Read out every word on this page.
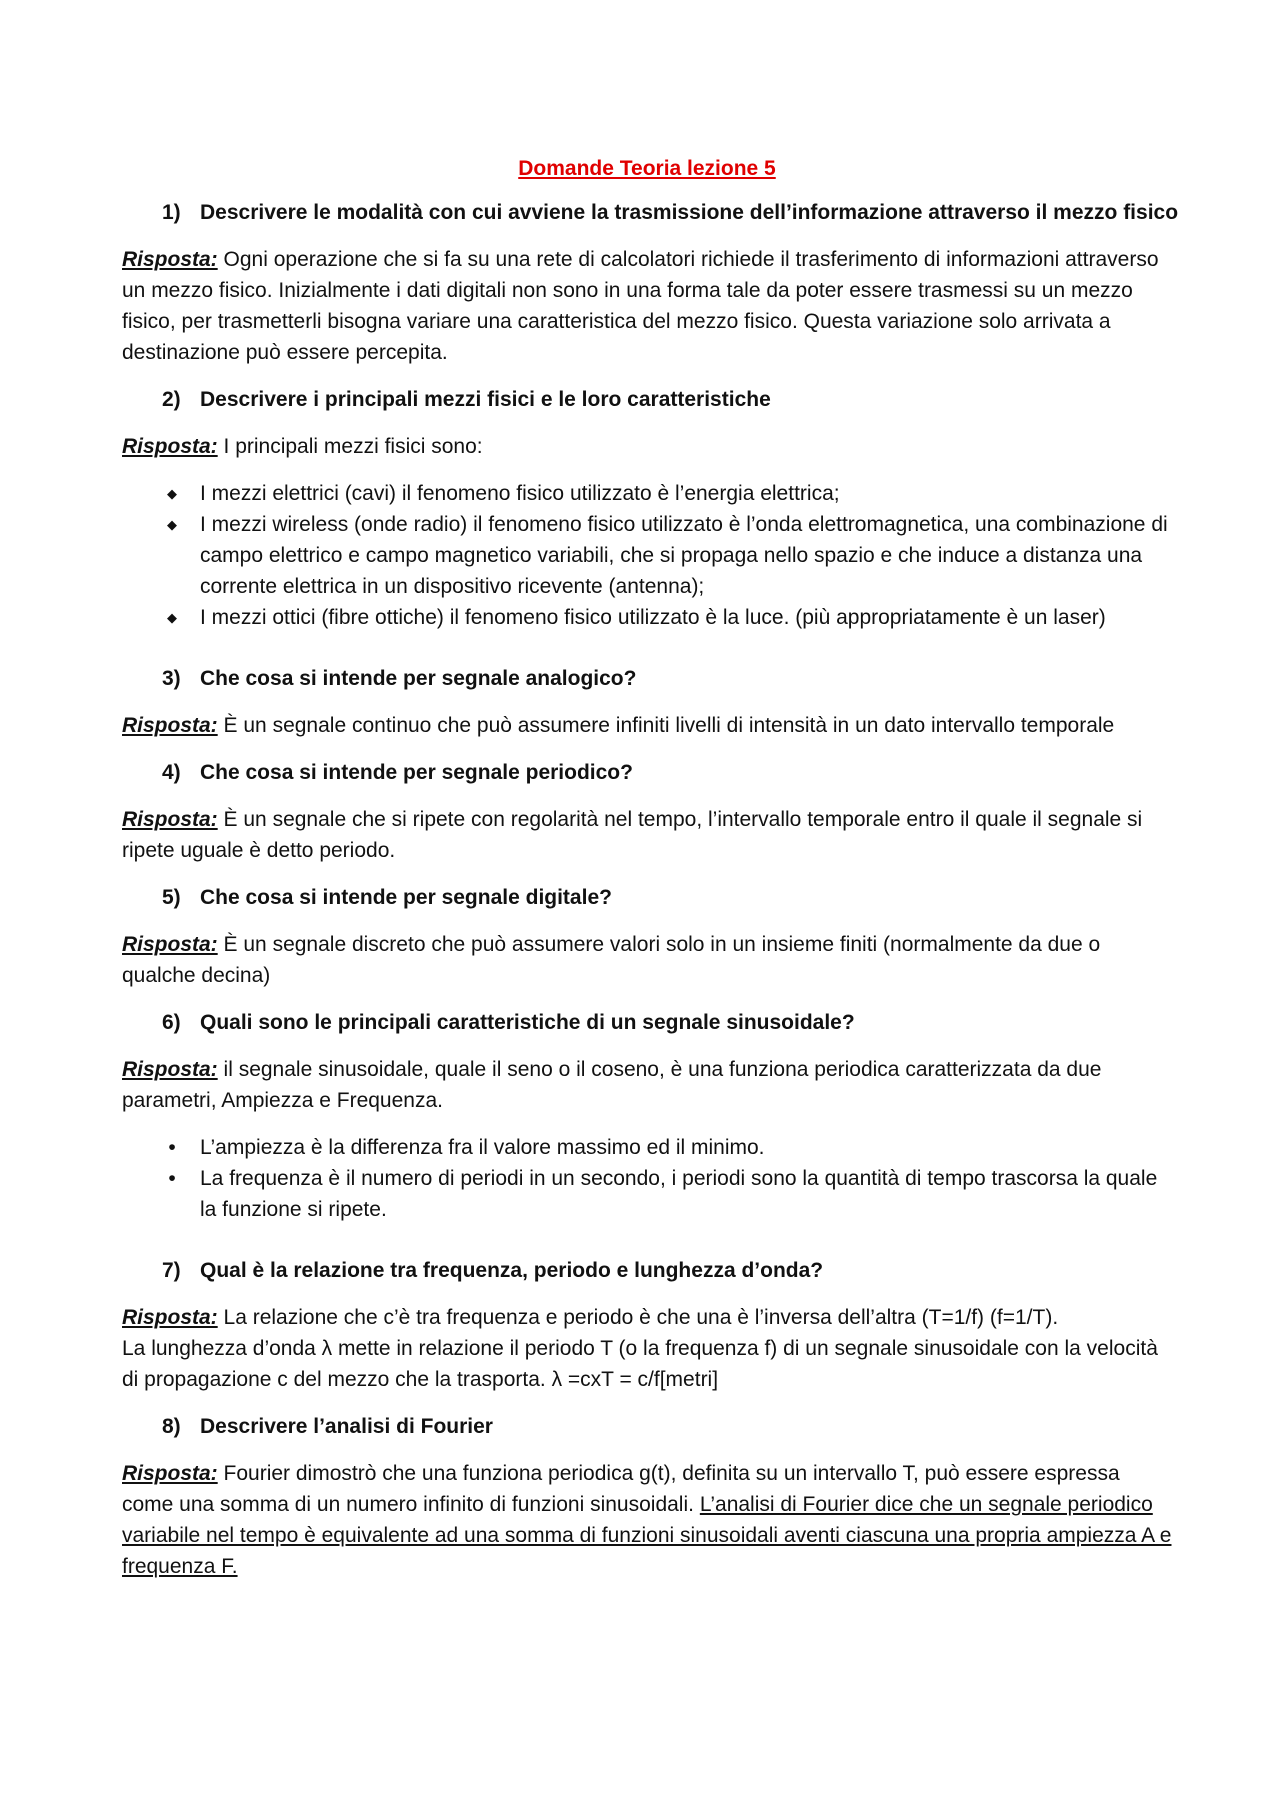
Domande Teoria lezione 5
1) Descrivere le modalità con cui avviene la trasmissione dell’informazione attraverso il mezzo fisico
Risposta: Ogni operazione che si fa su una rete di calcolatori richiede il trasferimento di informazioni attraverso un mezzo fisico. Inizialmente i dati digitali non sono in una forma tale da poter essere trasmessi su un mezzo fisico, per trasmetterli bisogna variare una caratteristica del mezzo fisico. Questa variazione solo arrivata a destinazione può essere percepita.
2) Descrivere i principali mezzi fisici e le loro caratteristiche
Risposta: I principali mezzi fisici sono:
◆ I mezzi elettrici (cavi) il fenomeno fisico utilizzato è l’energia elettrica;
◆ I mezzi wireless (onde radio) il fenomeno fisico utilizzato è l’onda elettromagnetica, una combinazione di campo elettrico e campo magnetico variabili, che si propaga nello spazio e che induce a distanza una corrente elettrica in un dispositivo ricevente (antenna);
◆ I mezzi ottici (fibre ottiche) il fenomeno fisico utilizzato è la luce. (più appropriatamente è un laser)
3) Che cosa si intende per segnale analogico?
Risposta: È un segnale continuo che può assumere infiniti livelli di intensità in un dato intervallo temporale
4) Che cosa si intende per segnale periodico?
Risposta: È un segnale che si ripete con regolarità nel tempo, l’intervallo temporale entro il quale il segnale si ripete uguale è detto periodo.
5) Che cosa si intende per segnale digitale?
Risposta: È un segnale discreto che può assumere valori solo in un insieme finiti (normalmente da due o qualche decina)
6) Quali sono le principali caratteristiche di un segnale sinusoidale?
Risposta: il segnale sinusoidale, quale il seno o il coseno, è una funziona periodica caratterizzata da due parametri, Ampiezza e Frequenza.
•	L’ampiezza è la differenza fra il valore massimo ed il minimo.
•	La frequenza è il numero di periodi in un secondo, i periodi sono la quantità di tempo trascorsa la quale la funzione si ripete.
7) Qual è la relazione tra frequenza, periodo e lunghezza d’onda?
Risposta: La relazione che c’è tra frequenza e periodo è che una è l’inversa dell’altra (T=1/f) (f=1/T).
La lunghezza d’onda λ mette in relazione il periodo T (o la frequenza f) di un segnale sinusoidale con la velocità di propagazione c del mezzo che la trasporta. λ =cxT = c/f[metri]
8) Descrivere l’analisi di Fourier
Risposta: Fourier dimostrò che una funziona periodica g(t), definita su un intervallo T, può essere espressa come una somma di un numero infinito di funzioni sinusoidali. L’analisi di Fourier dice che un segnale periodico variabile nel tempo è equivalente ad una somma di funzioni sinusoidali aventi ciascuna una propria ampiezza A e frequenza F.
